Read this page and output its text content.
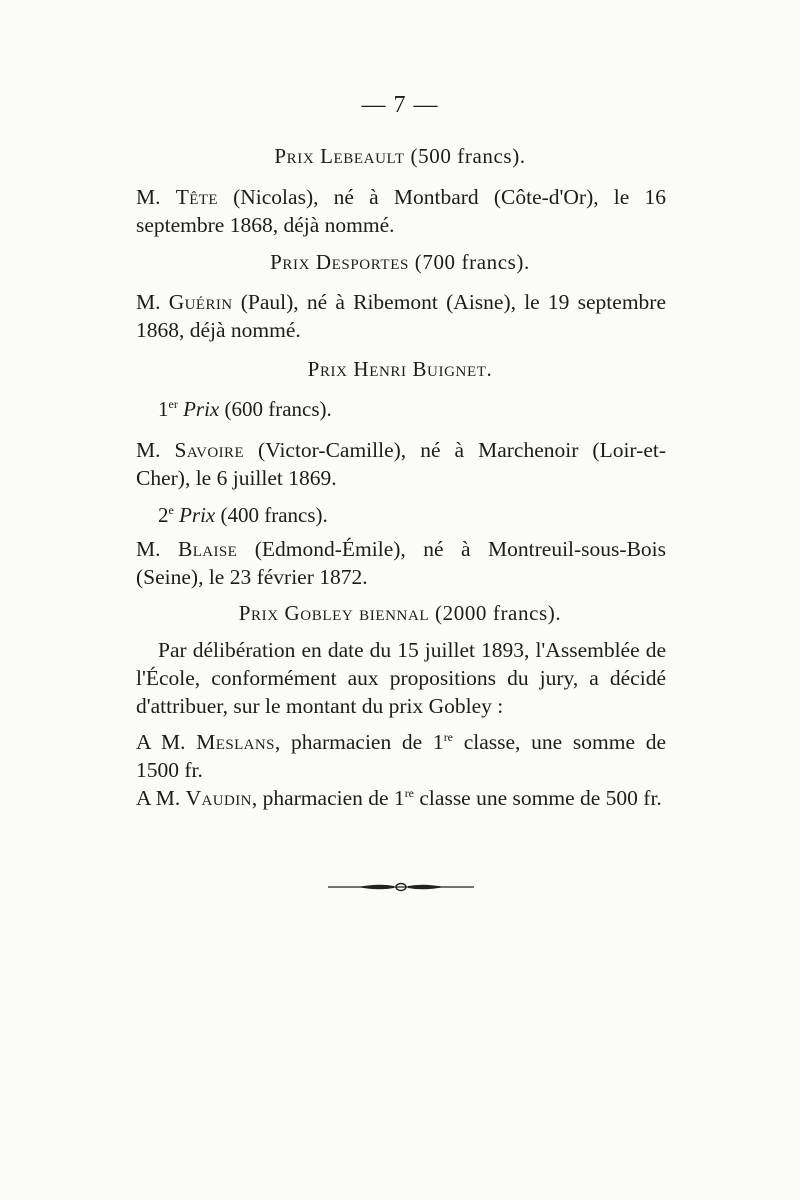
— 7 —
Prix Lebeault (500 francs).
M. Tête (Nicolas), né à Montbard (Côte-d'Or), le 16 septembre 1868, déjà nommé.
Prix Desportes (700 francs).
M. Guérin (Paul), né à Ribemont (Aisne), le 19 septembre 1868, déjà nommé.
Prix Henri Buignet.
1er Prix (600 francs).
M. Savoire (Victor-Camille), né à Marchenoir (Loir-et-Cher), le 6 juillet 1869.
2e Prix (400 francs).
M. Blaise (Edmond-Émile), né à Montreuil-sous-Bois (Seine), le 23 février 1872.
Prix Gobley biennal (2000 francs).
Par délibération en date du 15 juillet 1893, l'Assemblée de l'École, conformément aux propositions du jury, a décidé d'attribuer, sur le montant du prix Gobley :
A M. Meslans, pharmacien de 1re classe, une somme de 1500 fr.
A M. Vaudin, pharmacien de 1re classe une somme de 500 fr.
